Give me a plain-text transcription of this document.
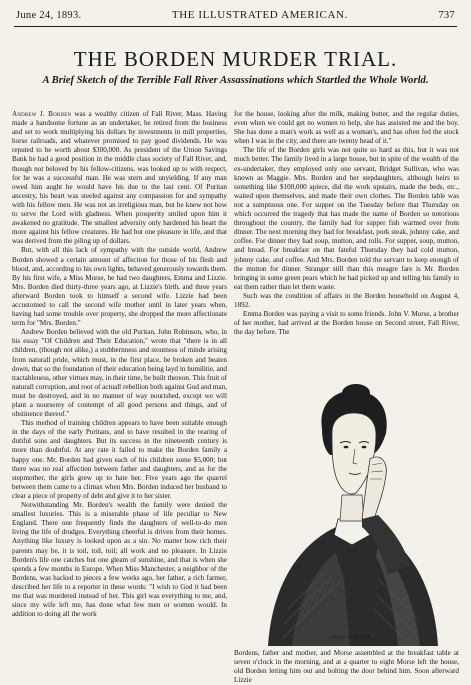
June 24, 1893.	THE ILLUSTRATED AMERICAN.	737
THE BORDEN MURDER TRIAL.
A Brief Sketch of the Terrible Fall River Assassinations which Startled the Whole World.

Andrew J. Borden was a wealthy citizen of Fall River, Mass. Having made a handsome fortune as an undertaker, he retired from the business and set to work multiplying his dollars by investments in mill properties, horse railroads, and whatever promised to pay good dividends. He was reputed to be worth about $300,000. As president of the Union Savings Bank he had a good position in the middle class society of Fall River, and, though not beloved by his fellow-citizens, was looked up to with respect, for he was a successful man. He was stern and unyielding. If any man owed him aught he would have his due to the last cent. Of Puritan ancestry, his heart was steeled against any compassion for and sympathy with his fellow men. He was not an irreligious man, but he knew not how to serve the Lord with gladness. When prosperity smiled upon him it awakened no gratitude. The smallest adversity only hardened his heart the more against his fellow creatures. He had but one pleasure in life, and that was derived from the piling up of dollars.

But, with all this lack of sympathy with the outside world, Andrew Borden showed a certain amount of affection for those of his flesh and blood, and, according to his own lights, behaved generously towards them. By his first wife, a Miss Morse, he had two daughters, Emma and Lizzie. Mrs. Borden died thirty-three years ago, at Lizzie's birth, and three years afterward Borden took to himself a second wife. Lizzie had been accustomed to call the second wife mother until in later years when, having had some trouble over property, she dropped the more affectionate term for "Mrs. Borden."

Andrew Borden believed with the old Puritan, John Robinson, who, in his essay "Of Children and Their Education," wrote that "there is in all children, (though not alike,) a stubbernness and stoutness of minde arising from naturall pride, which must, in the first place, be broken and beaten down, that so the foundation of their education being layd in humilitie, and tractableness, other virtues may, in their time, be built thereon. This fruit of naturall corruption, and root of actuall rebellion both against God and man, must be destroyed, and in no manner of way nourished, except we will plant a nourserey of contempt of all good persons and things, and of obstinence thereof."

This method of training children appears to have been suitable enough in the days of the early Puritans, and to have resulted in the rearing of dutiful sons and daughters. But its success in the nineteenth century is more than doubtful. At any rate it failed to make the Borden family a happy one. Mr. Borden had given each of his children some $5,000; but there was no real affection between father and daughters, and as for the stepmother, the girls grew up to hate her. Five years ago the quarrel between them came to a climax when Mrs. Borden induced her husband to clear a piece of property of debt and give it to her sister.

Notwithstanding Mr. Borden's wealth the family were denied the smallest luxuries. This is a miserable phase of life peculiar to New England. There one frequently finds the daughters of well-to-do men living the life of drudges. Everything cheerful is driven from their homes. Anything like luxury is looked upon as a sin. No matter how rich their parents may be, it is toil, toil, toil; all work and no pleasure. In Lizzie Borden's life one catches but one gleam of sunshine, and that is when she spends a few months in Europe. When Miss Manchester, a neighbor of the Bordens, was hacked to pieces a few weeks ago, her father, a rich farmer, described her life to a reporter in these words: "I wish to God it had been me that was murdered instead of her. This girl was everything to me, and, since my wife left me, has done what few men or women would. In addition to doing all the work

for the house, looking after the milk, making butter, and the regular duties, even when we could get no women to help, she has assisted me and the boy. She has done a man's work as well as a woman's, and has often fed the stock when I was in the city, and there are twenty head of it."

The life of the Borden girls was not quite so hard as this, but it was not much better. The family lived in a large house, but in spite of the wealth of the ex-undertaker, they employed only one servant, Bridget Sullivan, who was known as Maggie. Mrs. Borden and her stepdaughters, although heirs to something like $100,000 apiece, did the work upstairs, made the beds, etc., waited upon themselves, and made their own clothes. The Borden table was not a sumptuous one. For supper on the Tuesday before that Thursday on which occurred the tragedy that has made the name of Borden so notorious throughout the country, the family had for supper fish warmed over from dinner. The next morning they had for breakfast, pork steak, johnny cake, and coffee. For dinner they had soup, mutton, and rolls. For supper, soup, mutton, and bread. For breakfast on that fateful Thursday they had cold mutton, johnny cake, and coffee. And Mrs. Borden told the servant to keep enough of the mutton for dinner. Stranger still than this meagre fare is Mr. Borden bringing in some green pears which he had picked up and telling his family to eat them rather than let them waste.

Such was the condition of affairs in the Borden household on August 4, 1892.

Emma Borden was paying a visit to some friends. John V. Morse, a brother of her mother, had arrived at the Borden house on Second street, Fall River, the day before. The

LIZZIE BORDEN.

Bordens, father and mother, and Morse assembled at the breakfast table at seven o'clock in the morning, and at a quarter to eight Morse left the house, old Borden letting him out and bolting the door behind him. Soon afterward Lizzie
